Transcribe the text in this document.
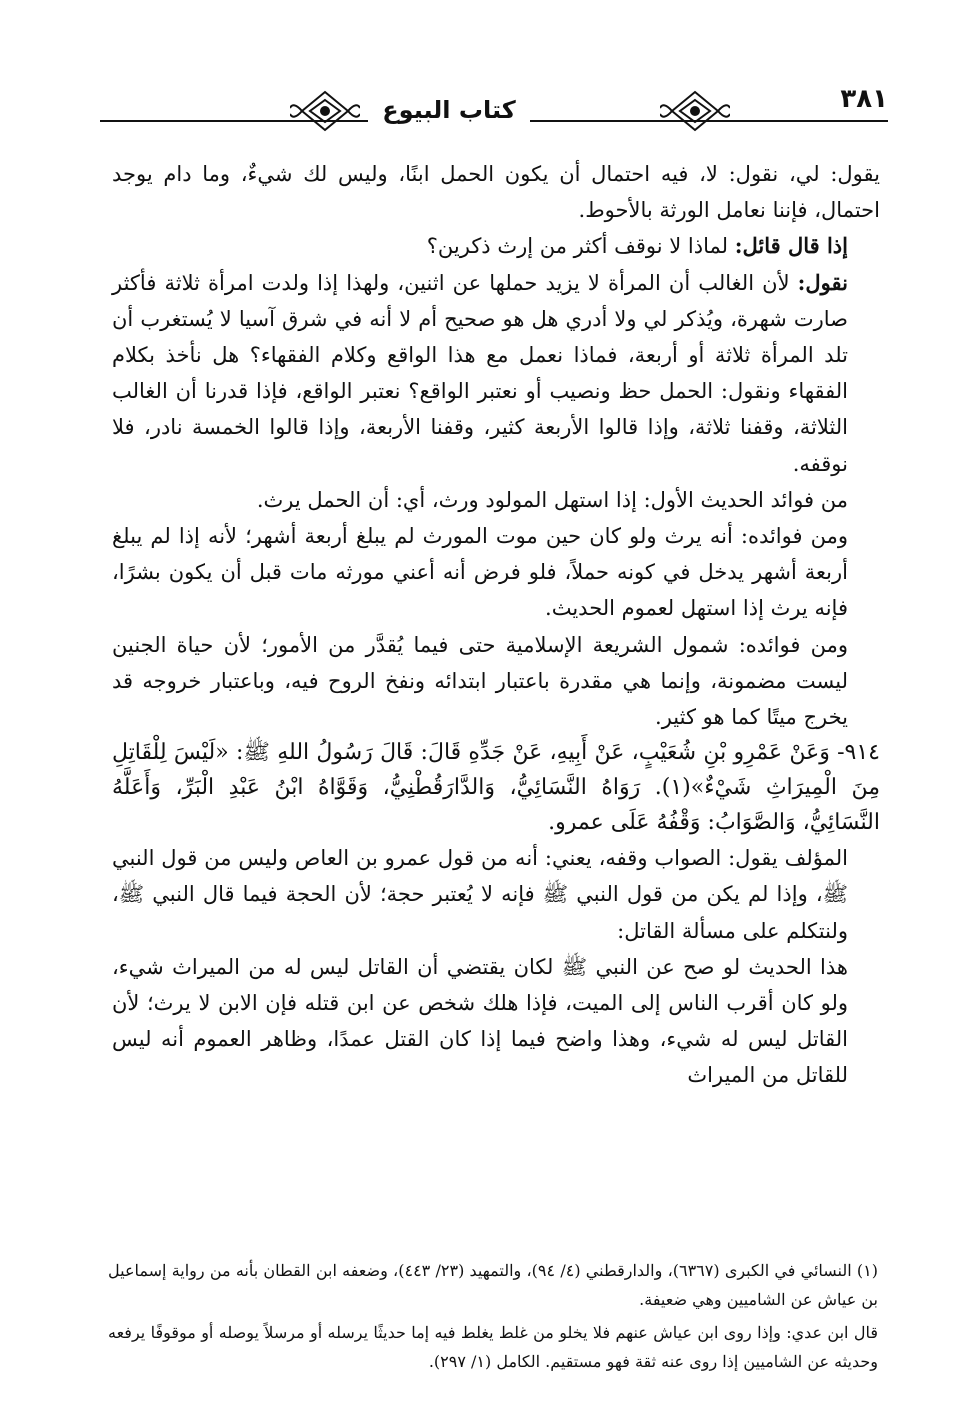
٣٨١
كتاب البيوع

يقول: لي، نقول: لا، فيه احتمال أن يكون الحمل ابنًا، وليس لك شيءٌ، وما دام يوجد احتمال، فإننا نعامل الورثة بالأحوط.

إذا قال قائل: لماذا لا نوقف أكثر من إرث ذكرين؟

نقول: لأن الغالب أن المرأة لا يزيد حملها عن اثنين، ولهذا إذا ولدت امرأة ثلاثة فأكثر صارت شهرة، ويُذكر لي ولا أدري هل هو صحيح أم لا أنه في شرق آسيا لا يُستغرب أن تلد المرأة ثلاثة أو أربعة، فماذا نعمل مع هذا الواقع وكلام الفقهاء؟ هل نأخذ بكلام الفقهاء ونقول: الحمل حظ ونصيب أو نعتبر الواقع؟ نعتبر الواقع، فإذا قدرنا أن الغالب الثلاثة، وقفنا ثلاثة، وإذا قالوا الأربعة كثير، وقفنا الأربعة، وإذا قالوا الخمسة نادر، فلا نوقفه.

من فوائد الحديث الأول: إذا استهل المولود ورث، أي: أن الحمل يرث.

ومن فوائده: أنه يرث ولو كان حين موت المورث لم يبلغ أربعة أشهر؛ لأنه إذا لم يبلغ أربعة أشهر يدخل في كونه حملاً، فلو فرض أنه أعني مورثه مات قبل أن يكون بشرًا، فإنه يرث إذا استهل لعموم الحديث.

ومن فوائده: شمول الشريعة الإسلامية حتى فيما يُقدَّر من الأمور؛ لأن حياة الجنين ليست مضمونة، وإنما هي مقدرة باعتبار ابتدائه ونفخ الروح فيه، وباعتبار خروجه قد يخرج ميتًا كما هو كثير.

٩١٤- وَعَنْ عَمْرِو بْنِ شُعَيْبٍ، عَنْ أَبِيهِ، عَنْ جَدِّهِ قَالَ: قَالَ رَسُولُ اللهِ ﷺ: «لَيْسَ لِلْقَاتِلِ مِنَ الْمِيرَاثِ شَيْءٌ»(١). رَوَاهُ النَّسَائِيُّ، وَالدَّارَقُطْنِيُّ، وَقَوَّاهُ ابْنُ عَبْدِ الْبَرِّ، وَأَعَلَّهُ النَّسَائِيُّ، وَالصَّوَابُ: وَقْفُهُ عَلَى عمرو.

المؤلف يقول: الصواب وقفه، يعني: أنه من قول عمرو بن العاص وليس من قول النبي ﷺ، وإذا لم يكن من قول النبي ﷺ فإنه لا يُعتبر حجة؛ لأن الحجة فيما قال النبي ﷺ، ولنتكلم على مسألة القاتل:

هذا الحديث لو صح عن النبي ﷺ لكان يقتضي أن القاتل ليس له من الميراث شيء، ولو كان أقرب الناس إلى الميت، فإذا هلك شخص عن ابن قتله فإن الابن لا يرث؛ لأن القاتل ليس له شيء، وهذا واضح فيما إذا كان القتل عمدًا، وظاهر العموم أنه ليس للقاتل من الميراث

(١) النسائي في الكبرى (٦٣٦٧)، والدارقطني (٤/ ٩٤)، والتمهيد (٢٣/ ٤٤٣)، وضعفه ابن القطان بأنه من رواية إسماعيل بن عياش عن الشاميين وهي ضعيفة.

قال ابن عدي: وإذا روى ابن عياش عنهم فلا يخلو من غلط يغلط فيه إما حديثًا يرسله أو مرسلاً يوصله أو موقوفًا يرفعه وحديثه عن الشاميين إذا روى عنه ثقة فهو مستقيم. الكامل (١/ ٢٩٧).
